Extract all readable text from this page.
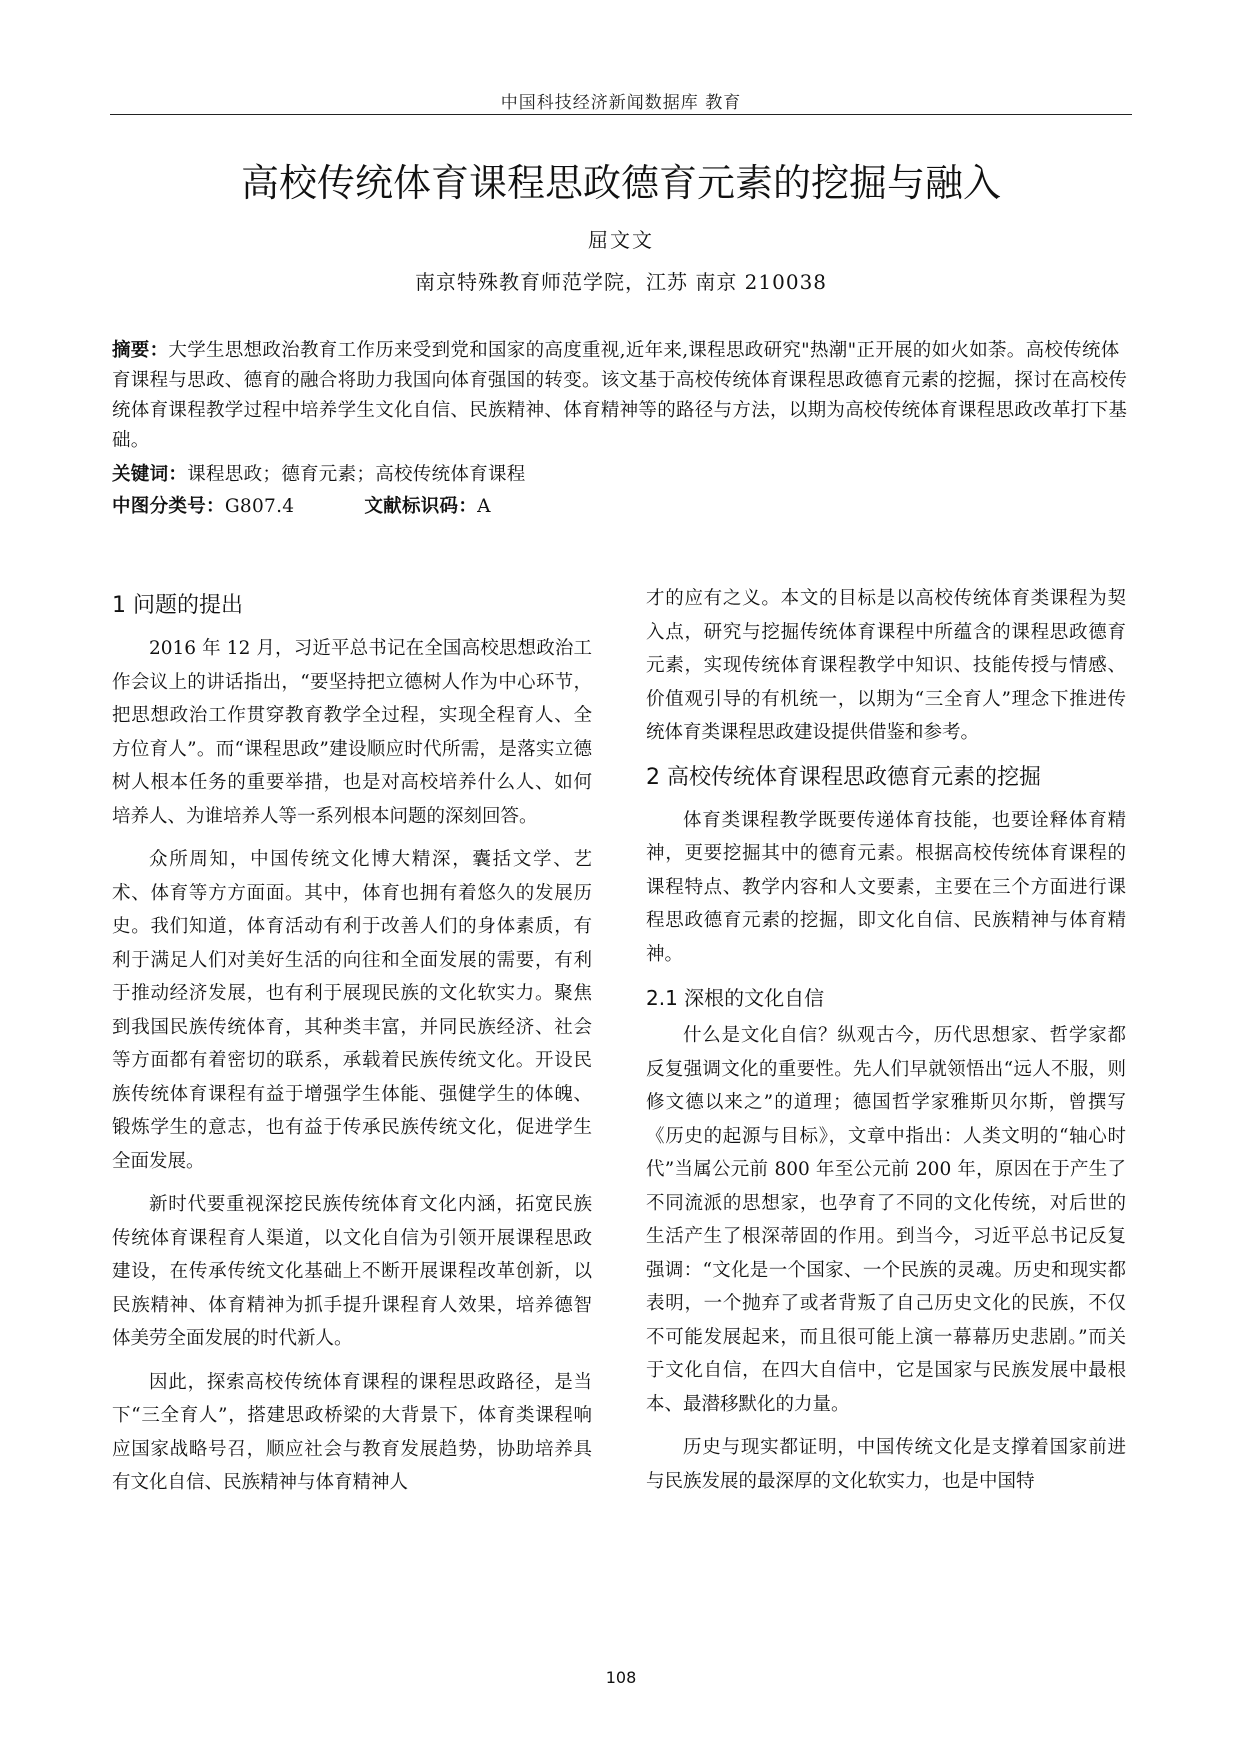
中国科技经济新闻数据库 教育
高校传统体育课程思政德育元素的挖掘与融入
屈文文
南京特殊教育师范学院，江苏 南京 210038

摘要：大学生思想政治教育工作历来受到党和国家的高度重视,近年来,课程思政研究"热潮"正开展的如火如荼。高校传统体育课程与思政、德育的融合将助力我国向体育强国的转变。该文基于高校传统体育课程思政德育元素的挖掘，探讨在高校传统体育课程教学过程中培养学生文化自信、民族精神、体育精神等的路径与方法，以期为高校传统体育课程思政改革打下基础。

关键词：课程思政；德育元素；高校传统体育课程

中图分类号：G807.4	文献标识码：A

1 问题的提出

2016 年 12 月，习近平总书记在全国高校思想政治工作会议上的讲话指出，“要坚持把立德树人作为中心环节，把思想政治工作贯穿教育教学全过程，实现全程育人、全方位育人”。而“课程思政”建设顺应时代所需，是落实立德树人根本任务的重要举措，也是对高校培养什么人、如何培养人、为谁培养人等一系列根本问题的深刻回答。

众所周知，中国传统文化博大精深，囊括文学、艺术、体育等方方面面。其中，体育也拥有着悠久的发展历史。我们知道，体育活动有利于改善人们的身体素质，有利于满足人们对美好生活的向往和全面发展的需要，有利于推动经济发展，也有利于展现民族的文化软实力。聚焦到我国民族传统体育，其种类丰富，并同民族经济、社会等方面都有着密切的联系，承载着民族传统文化。开设民族传统体育课程有益于增强学生体能、强健学生的体魄、锻炼学生的意志，也有益于传承民族传统文化，促进学生全面发展。

新时代要重视深挖民族传统体育文化内涵，拓宽民族传统体育课程育人渠道，以文化自信为引领开展课程思政建设，在传承传统文化基础上不断开展课程改革创新，以民族精神、体育精神为抓手提升课程育人效果，培养德智体美劳全面发展的时代新人。

因此，探索高校传统体育课程的课程思政路径，是当下“三全育人”，搭建思政桥梁的大背景下，体育类课程响应国家战略号召，顺应社会与教育发展趋势，协助培养具有文化自信、民族精神与体育精神人

才的应有之义。本文的目标是以高校传统体育类课程为契入点，研究与挖掘传统体育课程中所蕴含的课程思政德育元素，实现传统体育课程教学中知识、技能传授与情感、价值观引导的有机统一，以期为“三全育人”理念下推进传统体育类课程思政建设提供借鉴和参考。

2 高校传统体育课程思政德育元素的挖掘

体育类课程教学既要传递体育技能，也要诠释体育精神，更要挖掘其中的德育元素。根据高校传统体育课程的课程特点、教学内容和人文要素，主要在三个方面进行课程思政德育元素的挖掘，即文化自信、民族精神与体育精神。

2.1 深根的文化自信

什么是文化自信？纵观古今，历代思想家、哲学家都反复强调文化的重要性。先人们早就领悟出“远人不服，则修文德以来之”的道理；德国哲学家雅斯贝尔斯，曾撰写《历史的起源与目标》，文章中指出：人类文明的“轴心时代”当属公元前 800 年至公元前 200 年，原因在于产生了不同流派的思想家，也孕育了不同的文化传统，对后世的生活产生了根深蒂固的作用。到当今，习近平总书记反复强调：“文化是一个国家、一个民族的灵魂。历史和现实都表明，一个抛弃了或者背叛了自己历史文化的民族，不仅不可能发展起来，而且很可能上演一幕幕历史悲剧。”而关于文化自信，在四大自信中，它是国家与民族发展中最根本、最潜移默化的力量。

历史与现实都证明，中国传统文化是支撑着国家前进与民族发展的最深厚的文化软实力，也是中国特

108
